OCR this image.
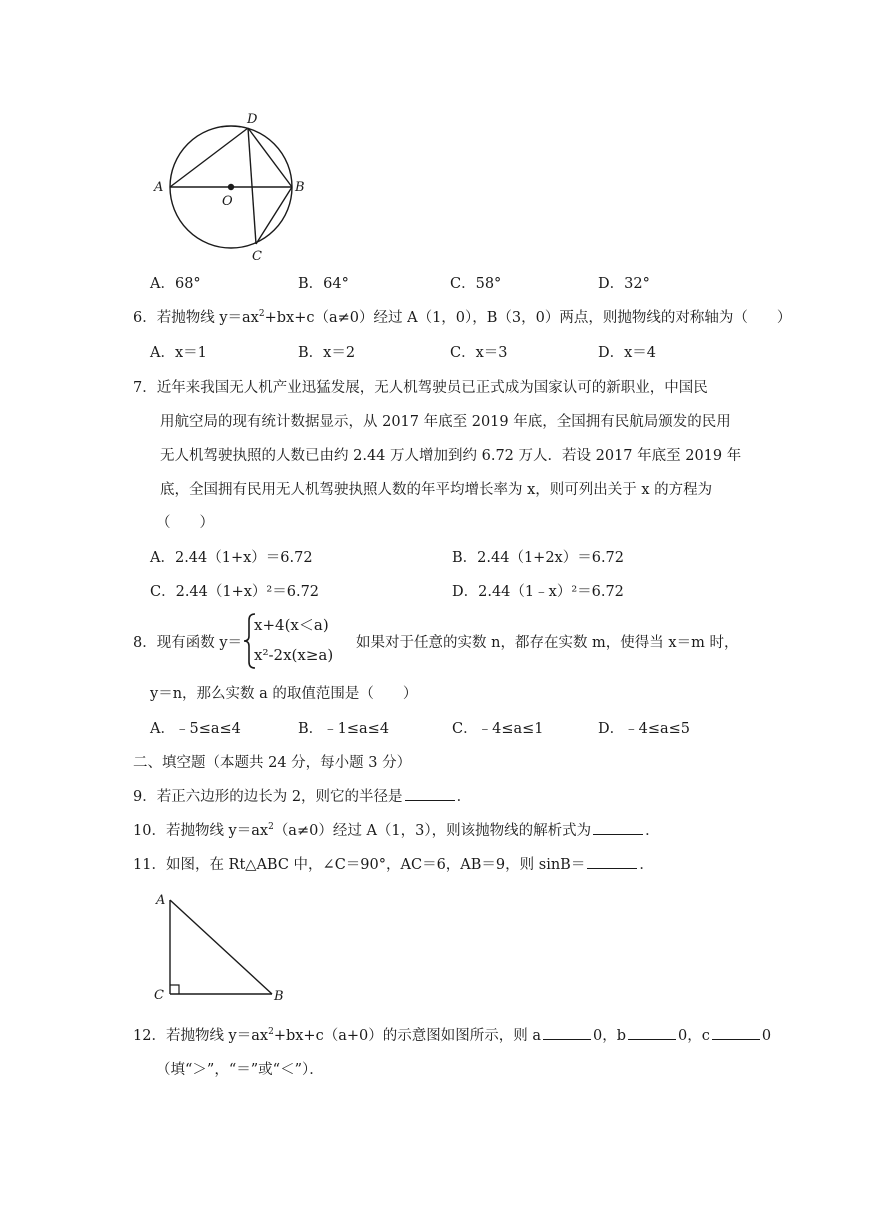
A	B
C
D
O
A．68°	B．64°	C．58°	D．32°
6．若抛物线 $y=ax^2+bx+c(a\ne 0)$经过 A（1，0），B（3，0）两点，则抛物线的对称轴为（　　）
A．x＝1	B．x＝2	C．x＝3	D．x＝4
7．近年来我国无人机产业迅猛发展，无人机驾驶员已正式成为国家认可的新职业，中国民
用航空局的现有统计数据显示，从 2017 年底至 2019 年底，全国拥有民航局颁发的民用
无人机驾驶执照的人数已由约 2.44 万人增加到约 6.72 万人．若设 2017 年底至 2019 年
底，全国拥有民用无人机驾驶执照人数的年平均增长率为 x，则可列出关于 x 的方程为
（　　）
A．2.44（1+x）＝6.72	B．2.44（1+2x）＝6.72
C．2.44（1+x）²＝6.72	D．2.44（1﹣x）²＝6.72
8．现有函数 y＝
x+4(x＜a)
x²-2x(x≥a)
如果对于任意的实数 n，都存在实数 m，使得当 x＝m 时，
y＝n，那么实数 a 的取值范围是（　　）
A．﹣5≤a≤4	B．﹣1≤a≤4	C．﹣4≤a≤1	D．﹣4≤a≤5
二、填空题（本题共 24 分，每小题 3 分）
9．若正六边形的边长为 2，则它的半径是	．
10．若抛物线 $y=ax^2(a\ne 0)$经过 A（1，3），则该抛物线的解析式为	．
11．如图，在 Rt△ABC 中，∠C＝90°，AC＝6，AB＝9，则 sinB＝	．
A
B
C
12．若抛物线 $y=ax^2+bx+c(a+0)$的示意图如图所示，则 a	0，b	0，c	0
（填“＞”，“＝”或“＜”）．
